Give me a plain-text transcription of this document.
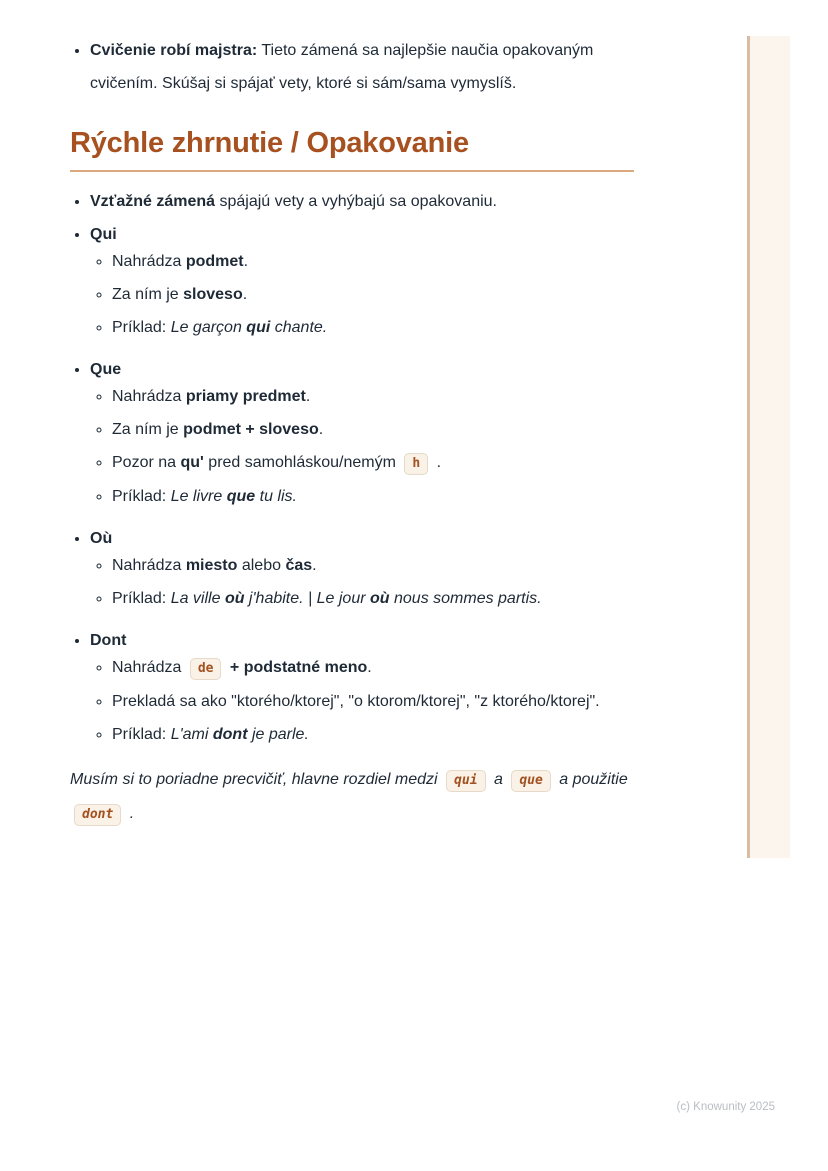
• Cvičenie robí majstra: Tieto zámená sa najlepšie naučia opakovaným cvičením. Skúšaj si spájať vety, ktoré si sám/sama vymyslíš.
Rýchle zhrnutie / Opakovanie
• Vzťažné zámená spájajú vety a vyhýbajú sa opakovaniu.
• Qui
◦ Nahrádza podmet.
◦ Za ním je sloveso.
◦ Príklad: Le garçon qui chante.
• Que
◦ Nahrádza priamy predmet.
◦ Za ním je podmet + sloveso.
◦ Pozor na qu' pred samohláskou/nemým h .
◦ Príklad: Le livre que tu lis.
• Où
◦ Nahrádza miesto alebo čas.
◦ Príklad: La ville où j'habite. | Le jour où nous sommes partis.
• Dont
◦ Nahrádza de + podstatné meno.
◦ Prekladá sa ako "ktorého/ktorej", "o ktorom/ktorej", "z ktorého/ktorej".
◦ Príklad: L'ami dont je parle.

Musím si to poriadne precvičiť, hlavne rozdiel medzi qui a que a použitie dont .

(c) Knowunity 2025
